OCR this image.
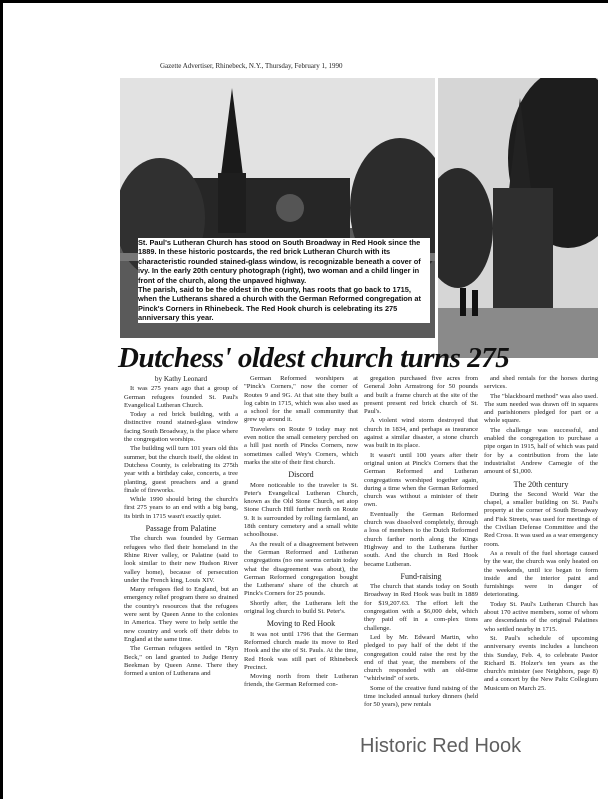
Gazette Advertiser, Rhinebeck, N.Y., Thursday, February 1, 1990
St. Paul's Lutheran Church has stood on South Broadway in Red Hook since the 1889. In these historic postcards, the red brick Lutheran Church with its characteristic rounded stained-glass window, is recognizable beneath a cover of ivy. In the early 20th century photograph (right), two woman and a child linger in front of the church, along the unpaved highway.
The parish, said to be the oldest in the county, has roots that go back to 1715, when the Lutherans shared a church with the German Reformed congregation at Pinck's Corners in Rhinebeck. The Red Hook church is celebrating its 275 anniversary this year.
Dutchess' oldest church turns 275

by Kathy Leonard

It was 275 years ago that a group of German refugees founded St. Paul's Evangelical Lutheran Church.

Today a red brick building, with a distinctive round stained-glass window facing South Broadway, is the place where the congregation worships.

The building will turn 101 years old this summer, but the church itself, the oldest in Dutchess County, is celebrating its 275th year with a birthday cake, concerts, a tree planting, guest preachers and a grand finale of fireworks.

While 1990 should bring the church's first 275 years to an end with a big bang, its birth in 1715 wasn't exactly quiet.

Passage from Palatine

The church was founded by German refugees who fled their homeland in the Rhine River valley, or Palatine (said to look similar to their new Hudson River valley home), because of persecution under the French king, Louis XIV.

Many refugees fled to England, but an emergency relief program there so drained the country's resources that the refugees were sent by Queen Anne to the colonies in America. They were to help settle the new country and work off their debts to England at the same time.

The German refugees settled in "Ryn Beck," on land granted to Judge Henry Beekman by Queen Anne. There they formed a union of Lutherans and

German Reformed worshipers at "Pinck's Corners," now the corner of Routes 9 and 9G. At that site they built a log cabin in 1715, which was also used as a school for the small community that grew up around it.

Travelers on Route 9 today may not even notice the small cemetery perched on a hill just north of Pincks Corners, now sometimes called Wey's Corners, which marks the site of their first church.

Discord

More noticeable to the traveler is St. Peter's Evangelical Lutheran Church, known as the Old Stone Church, set atop Stone Church Hill further north on Route 9. It is surrounded by rolling farmland, an 18th century cemetery and a small white schoolhouse.

As the result of a disagreement between the German Reformed and Lutheran congregations (no one seems certain today what the disagreement was about), the German Reformed congregation bought the Lutherans' share of the church at Pinck's Corners for 25 pounds.

Shortly after, the Lutherans left the original log church to build St. Peter's.

Moving to Red Hook

It was not until 1796 that the German Reformed church made its move to Red Hook and the site of St. Pauls. At the time, Red Hook was still part of Rhinebeck Precinct.

Moving north from their Lutheran friends, the German Reformed con-

gregation purchased five acres from General John Armstrong for 50 pounds and built a frame church at the site of the present present red brick church of St. Paul's.

A violent wind storm destroyed that church in 1834, and perhaps as insurance against a similar disaster, a stone church was built in its place.

It wasn't until 100 years after their original union at Pinck's Corners that the German Reformed and Lutheran congregations worshiped together again, during a time when the German Reformed church was without a minister of their own.

Eventually the German Reformed church was dissolved completely, through a loss of members to the Dutch Reformed church farther north along the Kings Highway and to the Lutherans further south. And the church in Red Hook became Lutheran.

Fund-raising

The church that stands today on South Broadway in Red Hook was built in 1889 for $19,207.63. The effort left the congregation with a $6,000 debt, which they paid off in a com-plex tions challenge.

Led by Mr. Edward Martin, who pledged to pay half of the debt if the congregation could raise the rest by the end of that year, the members of the church responded with an old-time "whirlwind" of sorts.

Some of the creative fund raising of the time included annual turkey dinners (held for 50 years), pew rentals

and shed rentals for the horses during services.

The "blackboard method" was also used. The sum needed was drawn off in squares and parishioners pledged for part or a whole square.

The challenge was successful, and enabled the congregation to purchase a pipe organ in 1915, half of which was paid for by a contribution from the late industrialist Andrew Carnegie of the amount of $1,000.

The 20th century

During the Second World War the chapel, a smaller building on St. Paul's property at the corner of South Broadway and Fisk Streets, was used for meetings of the Civilian Defense Committee and the Red Cross. It was used as a war emergency room.

As a result of the fuel shortage caused by the war, the church was only heated on the weekends, until ice began to form inside and the interior paint and furnishings were in danger of deteriorating.

Today St. Paul's Lutheran Church has about 170 active members, some of whom are descendants of the original Palatines who settled nearby in 1715.

St. Paul's schedule of upcoming anniversary events includes a luncheon this Sunday, Feb. 4, to celebrate Pastor Richard B. Holzer's ten years as the church's minister (see Neighbors, page 8) and a concert by the New Paltz Collegium Musicum on March 25.

Historic Red Hook
